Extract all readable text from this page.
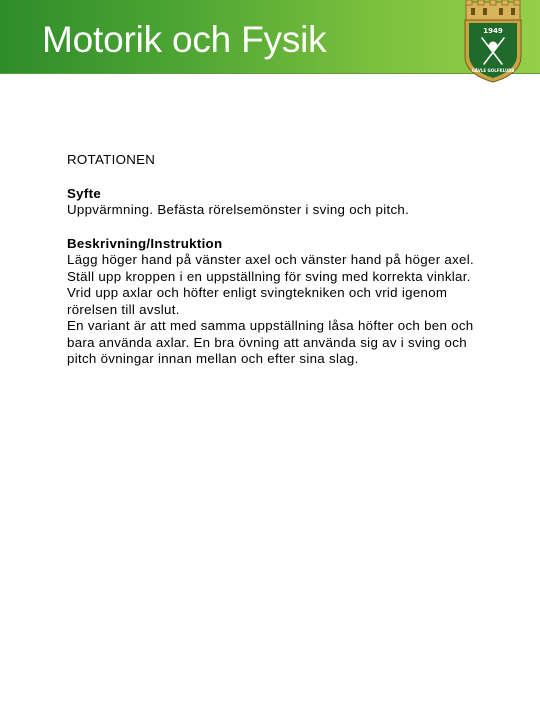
Motorik och Fysik	1949
GÄVLE GOLFKLUBB

ROTATIONEN

Syfte

Uppvärmning. Befästa rörelsemönster i sving och pitch.

Beskrivning/Instruktion

Lägg höger hand på vänster axel och vänster hand på höger axel.
Ställ upp kroppen i en uppställning för sving med korrekta vinklar.
Vrid upp axlar och höfter enligt svingtekniken och vrid igenom
rörelsen till avslut.
En variant är att med samma uppställning låsa höfter och ben och
bara använda axlar. En bra övning att använda sig av i sving och
pitch övningar innan mellan och efter sina slag.
